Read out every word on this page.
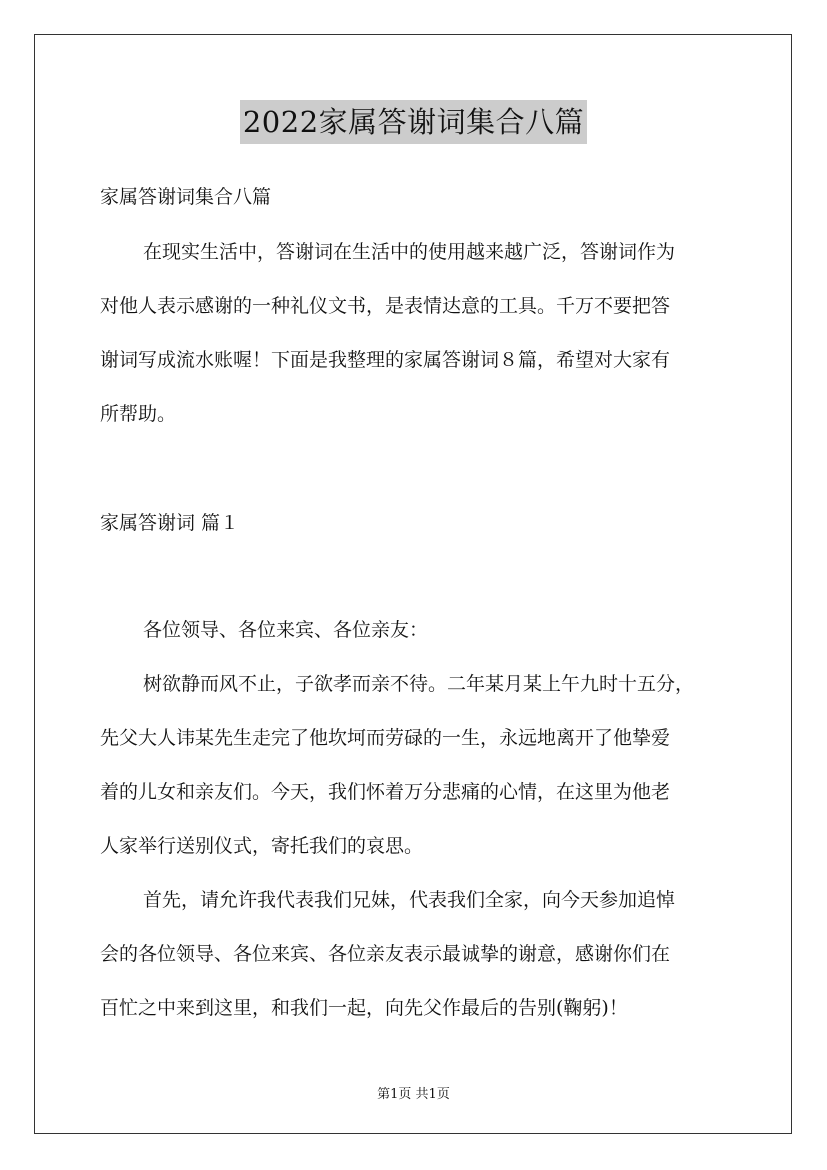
2022家属答谢词集合八篇
家属答谢词集合八篇
在现实生活中，答谢词在生活中的使用越来越广泛，答谢词作为
对他人表示感谢的一种礼仪文书，是表情达意的工具。千万不要把答
谢词写成流水账喔！下面是我整理的家属答谢词８篇，希望对大家有
所帮助。
家属答谢词 篇１
各位领导、各位来宾、各位亲友：
树欲静而风不止，子欲孝而亲不待。二年某月某上午九时十五分，
先父大人讳某先生走完了他坎坷而劳碌的一生，永远地离开了他挚爱
着的儿女和亲友们。今天，我们怀着万分悲痛的心情，在这里为他老
人家举行送别仪式，寄托我们的哀思。
首先，请允许我代表我们兄妹，代表我们全家，向今天参加追悼
会的各位领导、各位来宾、各位亲友表示最诚挚的谢意，感谢你们在
百忙之中来到这里，和我们一起，向先父作最后的告别(鞠躬)！
第1页 共1页
